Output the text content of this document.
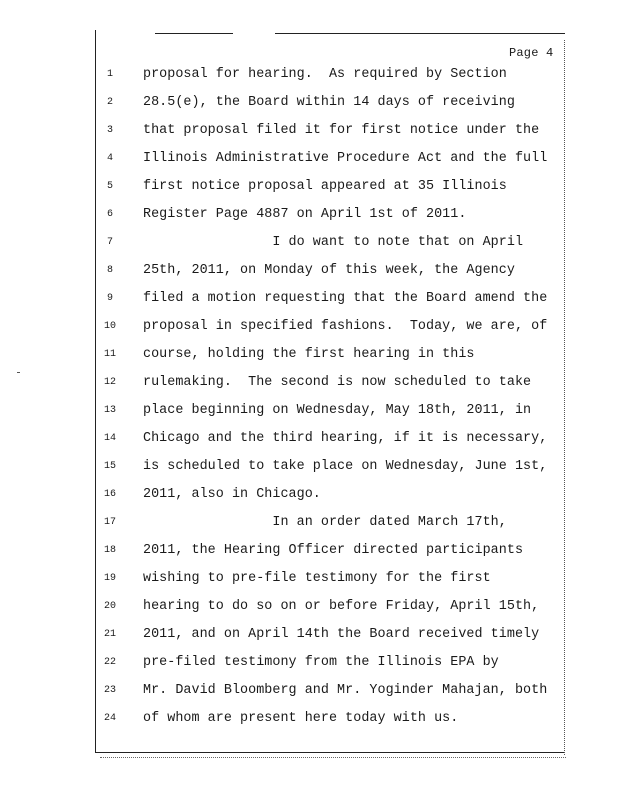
Page 4
1	proposal for hearing.  As required by Section
2	28.5(e), the Board within 14 days of receiving
3	that proposal filed it for first notice under the
4	Illinois Administrative Procedure Act and the full
5	first notice proposal appeared at 35 Illinois
6	Register Page 4887 on April 1st of 2011.
7	I do want to note that on April
8	25th, 2011, on Monday of this week, the Agency
9	filed a motion requesting that the Board amend the
10	proposal in specified fashions.  Today, we are, of
11	course, holding the first hearing in this
12	rulemaking.  The second is now scheduled to take
13	place beginning on Wednesday, May 18th, 2011, in
14	Chicago and the third hearing, if it is necessary,
15	is scheduled to take place on Wednesday, June 1st,
16	2011, also in Chicago.
17	In an order dated March 17th,
18	2011, the Hearing Officer directed participants
19	wishing to pre-file testimony for the first
20	hearing to do so on or before Friday, April 15th,
21	2011, and on April 14th the Board received timely
22	pre-filed testimony from the Illinois EPA by
23	Mr. David Bloomberg and Mr. Yoginder Mahajan, both
24	of whom are present here today with us.
